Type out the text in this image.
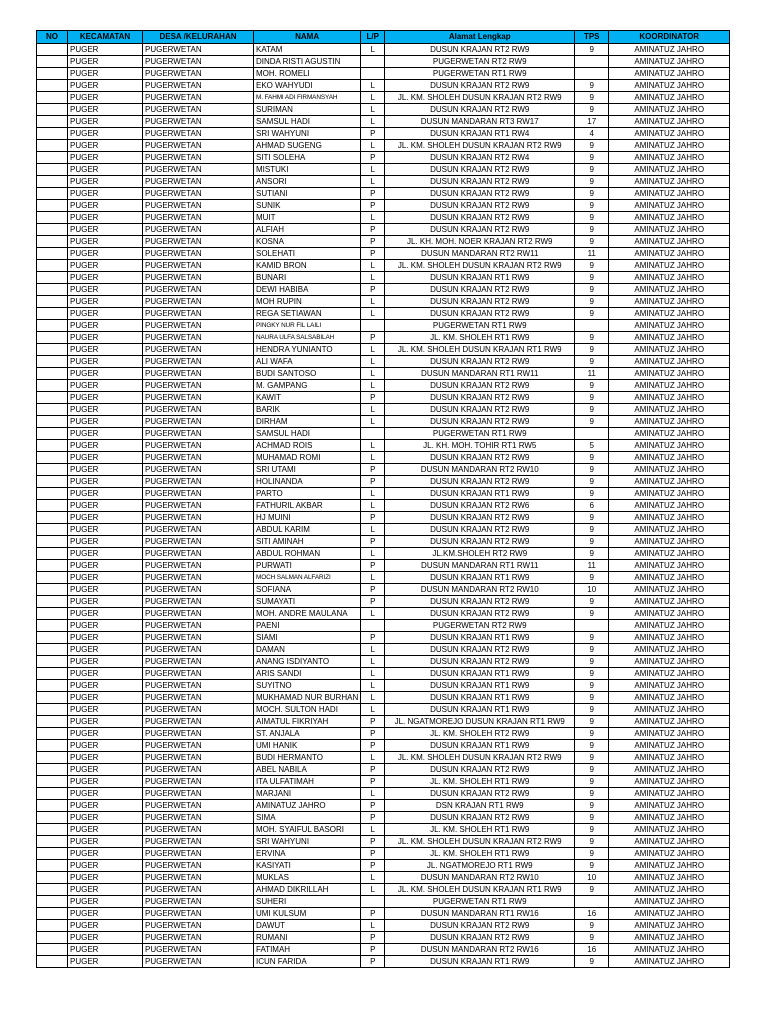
NO	KECAMATAN	DESA /KELURAHAN	NAMA	L/P	Alamat Lengkap	TPS	KOORDINATOR
	PUGER	PUGERWETAN	KATAM	L	DUSUN KRAJAN RT2 RW9	9	AMINATUZ JAHRO
	PUGER	PUGERWETAN	DINDA RISTI AGUSTIN		PUGERWETAN RT2 RW9		AMINATUZ JAHRO
	PUGER	PUGERWETAN	MOH. ROMELI		PUGERWETAN RT1 RW9		AMINATUZ JAHRO
	PUGER	PUGERWETAN	EKO WAHYUDI	L	DUSUN KRAJAN RT2 RW9	9	AMINATUZ JAHRO
	PUGER	PUGERWETAN	M. FAHMI ADI FIRMANSYAH	L	JL. KM. SHOLEH DUSUN KRAJAN RT2 RW9	9	AMINATUZ JAHRO
	PUGER	PUGERWETAN	SURIMAN	L	DUSUN KRAJAN RT2 RW9	9	AMINATUZ JAHRO
	PUGER	PUGERWETAN	SAMSUL HADI	L	DUSUN MANDARAN RT3 RW17	17	AMINATUZ JAHRO
	PUGER	PUGERWETAN	SRI WAHYUNI	P	DUSUN KRAJAN RT1 RW4	4	AMINATUZ JAHRO
	PUGER	PUGERWETAN	AHMAD SUGENG	L	JL. KM. SHOLEH DUSUN KRAJAN RT2 RW9	9	AMINATUZ JAHRO
	PUGER	PUGERWETAN	SITI SOLEHA	P	DUSUN KRAJAN RT2 RW4	9	AMINATUZ JAHRO
	PUGER	PUGERWETAN	MISTUKI	L	DUSUN KRAJAN RT2 RW9	9	AMINATUZ JAHRO
	PUGER	PUGERWETAN	ANSORI	L	DUSUN KRAJAN RT2 RW9	9	AMINATUZ JAHRO
	PUGER	PUGERWETAN	SUTIANI	P	DUSUN KRAJAN RT2 RW9	9	AMINATUZ JAHRO
	PUGER	PUGERWETAN	SUNIK	P	DUSUN KRAJAN RT2 RW9	9	AMINATUZ JAHRO
	PUGER	PUGERWETAN	MUIT	L	DUSUN KRAJAN RT2 RW9	9	AMINATUZ JAHRO
	PUGER	PUGERWETAN	ALFIAH	P	DUSUN KRAJAN RT2 RW9	9	AMINATUZ JAHRO
	PUGER	PUGERWETAN	KOSNA	P	JL. KH. MOH. NOER KRAJAN RT2 RW9	9	AMINATUZ JAHRO
	PUGER	PUGERWETAN	SOLEHATI	P	DUSUN MANDARAN RT2 RW11	11	AMINATUZ JAHRO
	PUGER	PUGERWETAN	KAMID BRON	L	JL. KM. SHOLEH DUSUN KRAJAN RT2 RW9	9	AMINATUZ JAHRO
	PUGER	PUGERWETAN	BUNARI	L	DUSUN KRAJAN RT1 RW9	9	AMINATUZ JAHRO
	PUGER	PUGERWETAN	DEWI HABIBA	P	DUSUN KRAJAN RT2 RW9	9	AMINATUZ JAHRO
	PUGER	PUGERWETAN	MOH RUPIN	L	DUSUN KRAJAN RT2 RW9	9	AMINATUZ JAHRO
	PUGER	PUGERWETAN	REGA SETIAWAN	L	DUSUN KRAJAN RT2 RW9	9	AMINATUZ JAHRO
	PUGER	PUGERWETAN	PINGKY NUR FIL LAILI		PUGERWETAN RT1 RW9		AMINATUZ JAHRO
	PUGER	PUGERWETAN	NAURA ULFA SALSABILAH	P	JL. KM. SHOLEH RT1 RW9	9	AMINATUZ JAHRO
	PUGER	PUGERWETAN	HENDRA YUNIANTO	L	JL. KM. SHOLEH DUSUN KRAJAN RT1 RW9	9	AMINATUZ JAHRO
	PUGER	PUGERWETAN	ALI WAFA	L	DUSUN KRAJAN RT2 RW9	9	AMINATUZ JAHRO
	PUGER	PUGERWETAN	BUDI SANTOSO	L	DUSUN MANDARAN RT1 RW11	11	AMINATUZ JAHRO
	PUGER	PUGERWETAN	M. GAMPANG	L	DUSUN KRAJAN RT2 RW9	9	AMINATUZ JAHRO
	PUGER	PUGERWETAN	KAWIT	P	DUSUN KRAJAN RT2 RW9	9	AMINATUZ JAHRO
	PUGER	PUGERWETAN	BARIK	L	DUSUN KRAJAN RT2 RW9	9	AMINATUZ JAHRO
	PUGER	PUGERWETAN	DIRHAM	L	DUSUN KRAJAN RT2 RW9	9	AMINATUZ JAHRO
	PUGER	PUGERWETAN	SAMSUL HADI		PUGERWETAN RT1 RW9		AMINATUZ JAHRO
	PUGER	PUGERWETAN	ACHMAD ROIS	L	JL. KH. MOH. TOHIR RT1 RW5	5	AMINATUZ JAHRO
	PUGER	PUGERWETAN	MUHAMAD ROMI	L	DUSUN KRAJAN RT2 RW9	9	AMINATUZ JAHRO
	PUGER	PUGERWETAN	SRI UTAMI	P	DUSUN MANDARAN RT2 RW10	9	AMINATUZ JAHRO
	PUGER	PUGERWETAN	HOLINANDA	P	DUSUN KRAJAN RT2 RW9	9	AMINATUZ JAHRO
	PUGER	PUGERWETAN	PARTO	L	DUSUN KRAJAN RT1 RW9	9	AMINATUZ JAHRO
	PUGER	PUGERWETAN	FATHURIL AKBAR	L	DUSUN KRAJAN RT2 RW6	6	AMINATUZ JAHRO
	PUGER	PUGERWETAN	HJ MUINI	P	DUSUN KRAJAN RT2 RW9	9	AMINATUZ JAHRO
	PUGER	PUGERWETAN	ABDUL KARIM	L	DUSUN KRAJAN RT2 RW9	9	AMINATUZ JAHRO
	PUGER	PUGERWETAN	SITI AMINAH	P	DUSUN KRAJAN RT2 RW9	9	AMINATUZ JAHRO
	PUGER	PUGERWETAN	ABDUL ROHMAN	L	JL.KM.SHOLEH RT2 RW9	9	AMINATUZ JAHRO
	PUGER	PUGERWETAN	PURWATI	P	DUSUN MANDARAN RT1 RW11	11	AMINATUZ JAHRO
	PUGER	PUGERWETAN	MOCH SALMAN ALFARIZI	L	DUSUN KRAJAN RT1 RW9	9	AMINATUZ JAHRO
	PUGER	PUGERWETAN	SOFIANA	P	DUSUN MANDARAN RT2 RW10	10	AMINATUZ JAHRO
	PUGER	PUGERWETAN	SUMAYATI	P	DUSUN KRAJAN RT2 RW9	9	AMINATUZ JAHRO
	PUGER	PUGERWETAN	MOH. ANDRE MAULANA	L	DUSUN KRAJAN RT2 RW9	9	AMINATUZ JAHRO
	PUGER	PUGERWETAN	PAENI		PUGERWETAN RT2 RW9		AMINATUZ JAHRO
	PUGER	PUGERWETAN	SIAMI	P	DUSUN KRAJAN RT1 RW9	9	AMINATUZ JAHRO
	PUGER	PUGERWETAN	DAMAN	L	DUSUN KRAJAN RT2 RW9	9	AMINATUZ JAHRO
	PUGER	PUGERWETAN	ANANG ISDIYANTO	L	DUSUN KRAJAN RT2 RW9	9	AMINATUZ JAHRO
	PUGER	PUGERWETAN	ARIS SANDI	L	DUSUN KRAJAN RT1 RW9	9	AMINATUZ JAHRO
	PUGER	PUGERWETAN	SUYITNO	L	DUSUN KRAJAN RT1 RW9	9	AMINATUZ JAHRO
	PUGER	PUGERWETAN	MUKHAMAD NUR BURHAN	L	DUSUN KRAJAN RT1 RW9	9	AMINATUZ JAHRO
	PUGER	PUGERWETAN	MOCH. SULTON HADI	L	DUSUN KRAJAN RT1 RW9	9	AMINATUZ JAHRO
	PUGER	PUGERWETAN	AIMATUL FIKRIYAH	P	JL. NGATMOREJO DUSUN KRAJAN RT1 RW9	9	AMINATUZ JAHRO
	PUGER	PUGERWETAN	ST. ANJALA	P	JL. KM. SHOLEH RT2 RW9	9	AMINATUZ JAHRO
	PUGER	PUGERWETAN	UMI HANIK	P	DUSUN KRAJAN RT1 RW9	9	AMINATUZ JAHRO
	PUGER	PUGERWETAN	BUDI HERMANTO	L	JL. KM. SHOLEH DUSUN KRAJAN RT2 RW9	9	AMINATUZ JAHRO
	PUGER	PUGERWETAN	ABEL NABILA	P	DUSUN KRAJAN RT2 RW9	9	AMINATUZ JAHRO
	PUGER	PUGERWETAN	ITA ULFATIMAH	P	JL. KM. SHOLEH RT1 RW9	9	AMINATUZ JAHRO
	PUGER	PUGERWETAN	MARJANI	L	DUSUN KRAJAN RT2 RW9	9	AMINATUZ JAHRO
	PUGER	PUGERWETAN	AMINATUZ JAHRO	P	DSN KRAJAN RT1 RW9	9	AMINATUZ JAHRO
	PUGER	PUGERWETAN	SIMA	P	DUSUN KRAJAN RT2 RW9	9	AMINATUZ JAHRO
	PUGER	PUGERWETAN	MOH. SYAIFUL BASORI	L	JL. KM. SHOLEH RT1 RW9	9	AMINATUZ JAHRO
	PUGER	PUGERWETAN	SRI WAHYUNI	P	JL. KM. SHOLEH DUSUN KRAJAN RT2 RW9	9	AMINATUZ JAHRO
	PUGER	PUGERWETAN	ERVINA	P	JL. KM. SHOLEH RT1 RW9	9	AMINATUZ JAHRO
	PUGER	PUGERWETAN	KASIYATI	P	JL. NGATMOREJO RT1 RW9	9	AMINATUZ JAHRO
	PUGER	PUGERWETAN	MUKLAS	L	DUSUN MANDARAN RT2 RW10	10	AMINATUZ JAHRO
	PUGER	PUGERWETAN	AHMAD DIKRILLAH	L	JL. KM. SHOLEH DUSUN KRAJAN RT1 RW9	9	AMINATUZ JAHRO
	PUGER	PUGERWETAN	SUHERI		PUGERWETAN RT1 RW9		AMINATUZ JAHRO
	PUGER	PUGERWETAN	UMI KULSUM	P	DUSUN MANDARAN RT1 RW16	16	AMINATUZ JAHRO
	PUGER	PUGERWETAN	DAWUT	L	DUSUN KRAJAN RT2 RW9	9	AMINATUZ JAHRO
	PUGER	PUGERWETAN	RUMANI	P	DUSUN KRAJAN RT2 RW9	9	AMINATUZ JAHRO
	PUGER	PUGERWETAN	FATIMAH	P	DUSUN MANDARAN RT2 RW16	16	AMINATUZ JAHRO
	PUGER	PUGERWETAN	ICUN FARIDA	P	DUSUN KRAJAN RT1 RW9	9	AMINATUZ JAHRO
